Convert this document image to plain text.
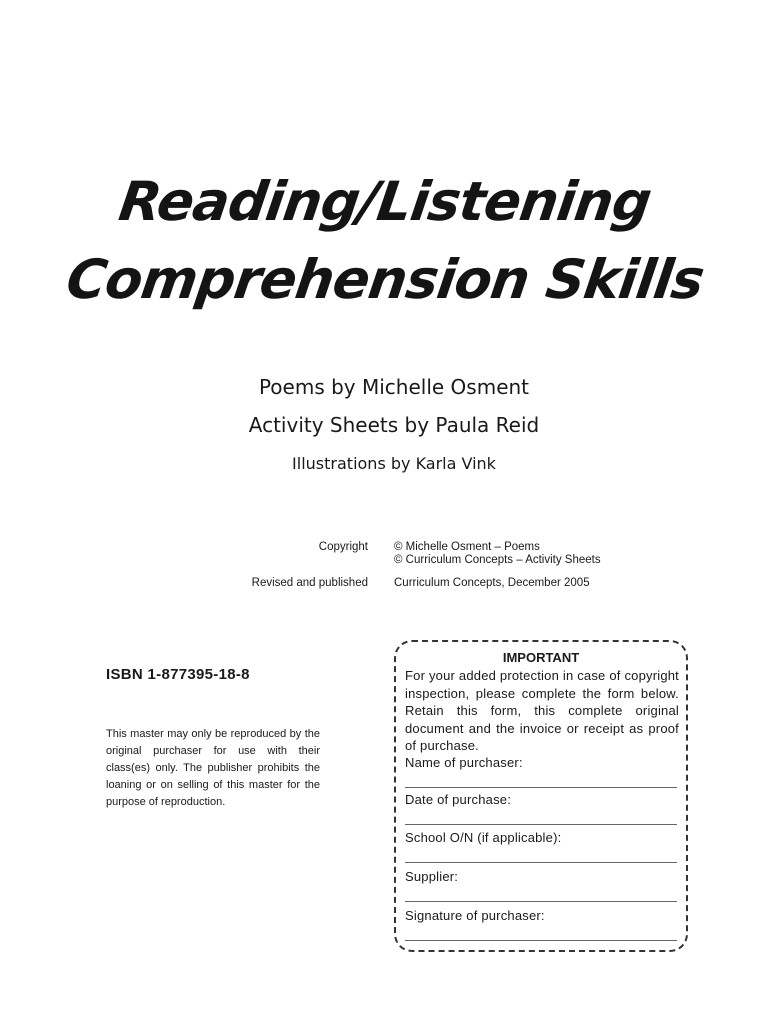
Reading/Listening
Comprehension Skills
Poems by Michelle Osment
Activity Sheets by Paula Reid
Illustrations by Karla Vink
Copyright © Michelle Osment – Poems
© Curriculum Concepts – Activity Sheets
Revised and published Curriculum Concepts, December 2005
ISBN 1-877395-18-8
This master may only be reproduced by the original purchaser for use with their class(es) only. The publisher prohibits the loaning or on selling of this master for the purpose of reproduction.
IMPORTANT
For your added protection in case of copyright inspection, please complete the form below. Retain this form, this complete original document and the invoice or receipt as proof of purchase.
Name of purchaser:
Date of purchase:
School O/N (if applicable):
Supplier:
Signature of purchaser:
